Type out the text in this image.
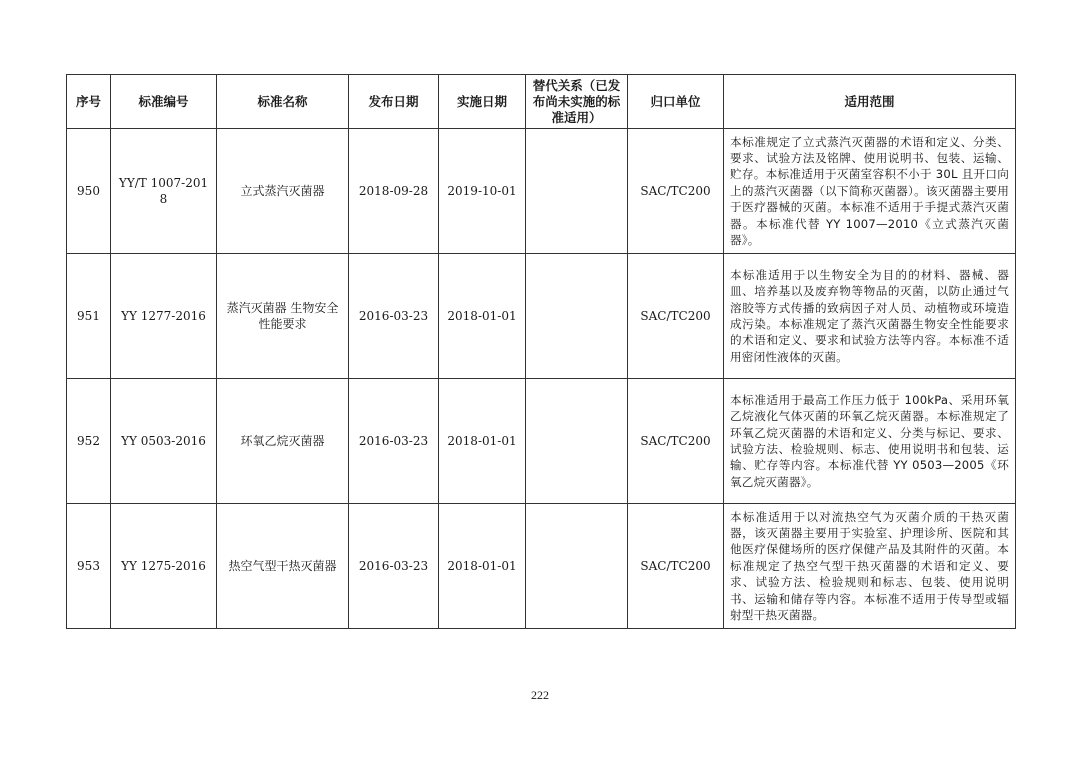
序号	标准编号	标准名称	发布日期	实施日期	替代关系（已发布尚未实施的标准适用）	归口单位	适用范围
950	YY/T 1007-2018	立式蒸汽灭菌器	2018-09-28	2019-10-01		SAC/TC200	本标准规定了立式蒸汽灭菌器的术语和定义、分类、要求、试验方法及铭牌、使用说明书、包装、运输、贮存。本标准适用于灭菌室容积不小于 30L 且开口向上的蒸汽灭菌器（以下简称灭菌器）。该灭菌器主要用于医疗器械的灭菌。本标准不适用于手提式蒸汽灭菌器。本标准代替 YY 1007—2010《立式蒸汽灭菌器》。
951	YY 1277-2016	蒸汽灭菌器 生物安全性能要求	2016-03-23	2018-01-01		SAC/TC200	本标准适用于以生物安全为目的的材料、器械、器皿、培养基以及废弃物等物品的灭菌，以防止通过气溶胶等方式传播的致病因子对人员、动植物或环境造成污染。本标准规定了蒸汽灭菌器生物安全性能要求的术语和定义、要求和试验方法等内容。本标准不适用密闭性液体的灭菌。
952	YY 0503-2016	环氧乙烷灭菌器	2016-03-23	2018-01-01		SAC/TC200	本标准适用于最高工作压力低于 100kPa、采用环氧乙烷液化气体灭菌的环氧乙烷灭菌器。本标准规定了环氧乙烷灭菌器的术语和定义、分类与标记、要求、试验方法、检验规则、标志、使用说明书和包装、运输、贮存等内容。本标准代替 YY 0503—2005《环氧乙烷灭菌器》。
953	YY 1275-2016	热空气型干热灭菌器	2016-03-23	2018-01-01		SAC/TC200	本标准适用于以对流热空气为灭菌介质的干热灭菌器，该灭菌器主要用于实验室、护理诊所、医院和其他医疗保健场所的医疗保健产品及其附件的灭菌。本标准规定了热空气型干热灭菌器的术语和定义、要求、试验方法、检验规则和标志、包装、使用说明书、运输和储存等内容。本标准不适用于传导型或辐射型干热灭菌器。
222
